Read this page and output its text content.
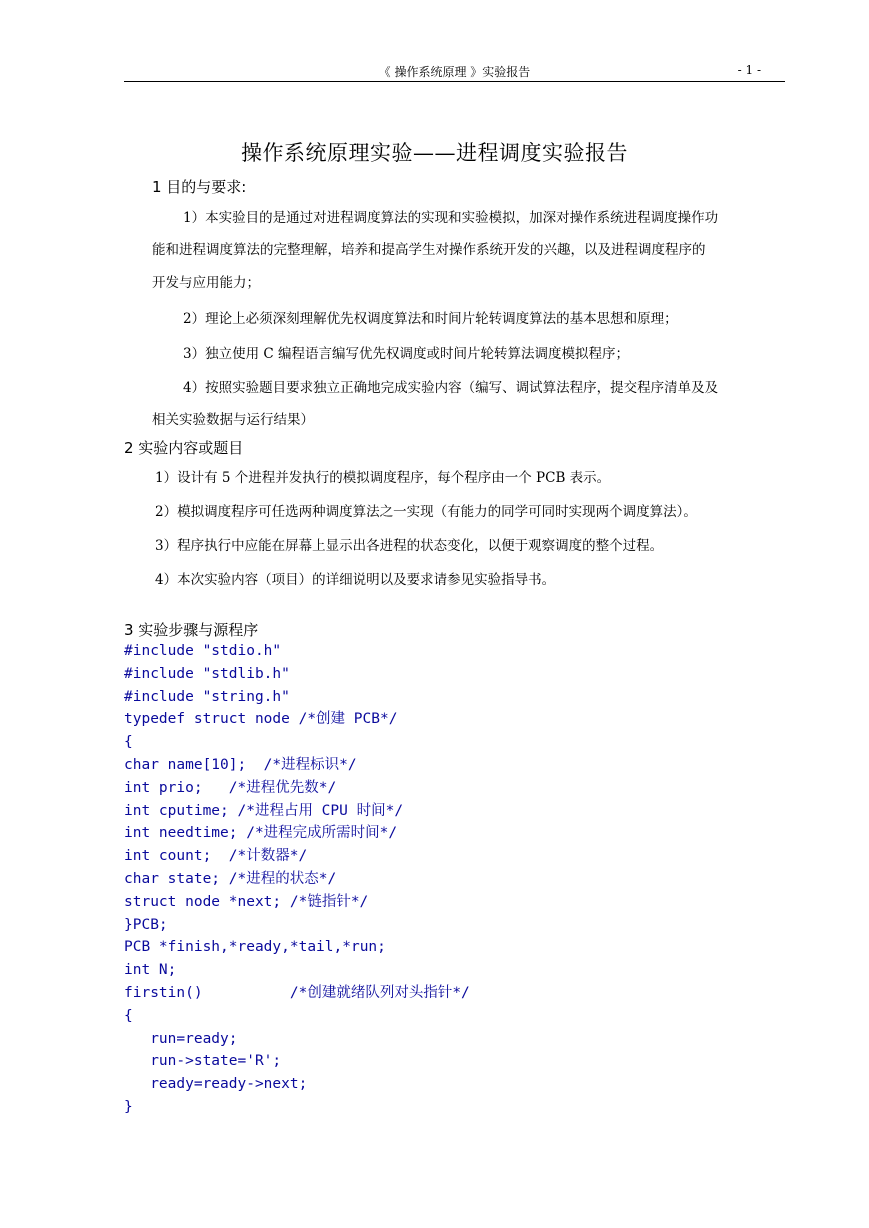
《 操作系统原理 》实验报告	- 1 -
操作系统原理实验——进程调度实验报告
1 目的与要求:
1）本实验目的是通过对进程调度算法的实现和实验模拟，加深对操作系统进程调度操作功
能和进程调度算法的完整理解，培养和提高学生对操作系统开发的兴趣，以及进程调度程序的
开发与应用能力；
2）理论上必须深刻理解优先权调度算法和时间片轮转调度算法的基本思想和原理；
3）独立使用 C 编程语言编写优先权调度或时间片轮转算法调度模拟程序；
4）按照实验题目要求独立正确地完成实验内容（编写、调试算法程序，提交程序清单及及
相关实验数据与运行结果）
2 实验内容或题目
1）设计有 5 个进程并发执行的模拟调度程序，每个程序由一个 PCB 表示。
2）模拟调度程序可任选两种调度算法之一实现（有能力的同学可同时实现两个调度算法）。
3）程序执行中应能在屏幕上显示出各进程的状态变化，以便于观察调度的整个过程。
4）本次实验内容（项目）的详细说明以及要求请参见实验指导书。
3 实验步骤与源程序
#include "stdio.h"
#include "stdlib.h"
#include "string.h"
typedef struct node /*创建 PCB*/
{
char name[10];  /*进程标识*/
int prio;   /*进程优先数*/
int cputime; /*进程占用 CPU 时间*/
int needtime; /*进程完成所需时间*/
int count;  /*计数器*/
char state; /*进程的状态*/
struct node *next; /*链指针*/
}PCB;
PCB *finish,*ready,*tail,*run;
int N;
firstin()          /*创建就绪队列对头指针*/
{
run=ready;
run->state='R';
ready=ready->next;
}
